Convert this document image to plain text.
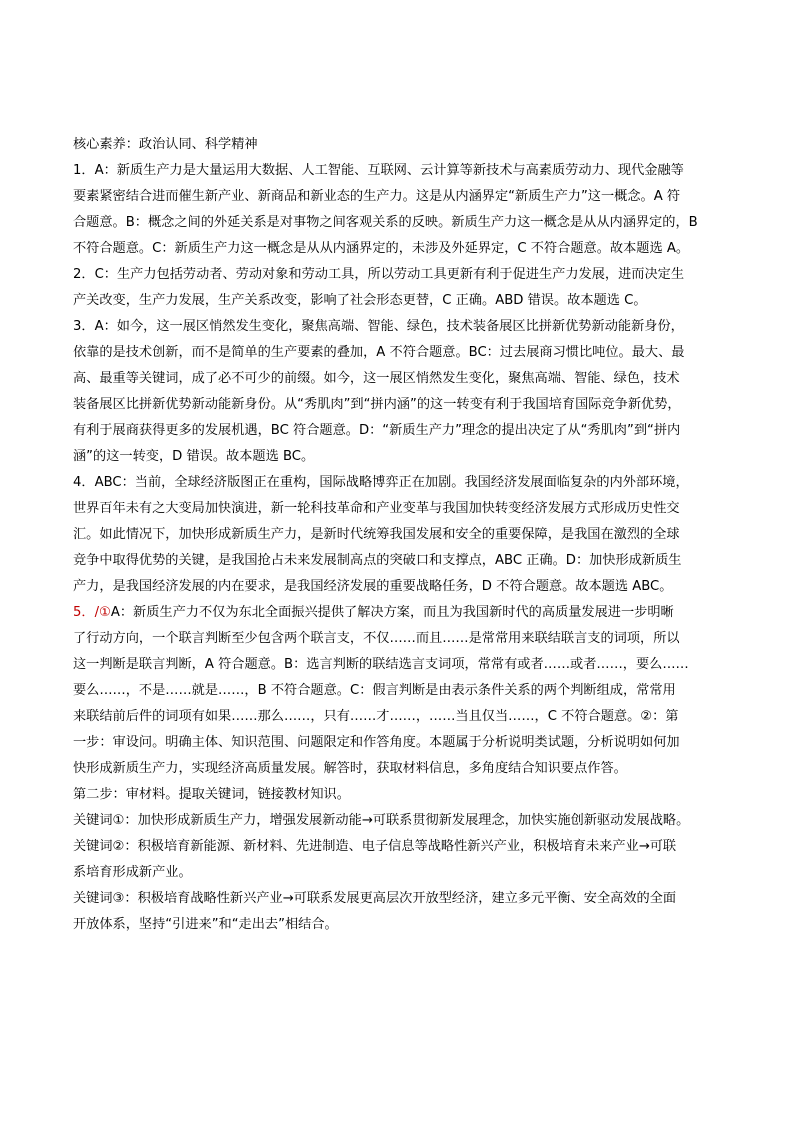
核心素养：政治认同、科学精神
1．A：新质生产力是大量运用大数据、人工智能、互联网、云计算等新技术与高素质劳动力、现代金融等
要素紧密结合进而催生新产业、新商品和新业态的生产力。这是从内涵界定“新质生产力”这一概念。A 符
合题意。B：概念之间的外延关系是对事物之间客观关系的反映。新质生产力这一概念是从从内涵界定的，B
不符合题意。C：新质生产力这一概念是从从内涵界定的，未涉及外延界定，C 不符合题意。故本题选 A。
2．C：生产力包括劳动者、劳动对象和劳动工具，所以劳动工具更新有利于促进生产力发展，进而决定生
产关改变，生产力发展，生产关系改变，影响了社会形态更替，C 正确。ABD 错误。故本题选 C。
3．A：如今，这一展区悄然发生变化，聚焦高端、智能、绿色，技术装备展区比拼新优势新动能新身份，
依靠的是技术创新，而不是简单的生产要素的叠加，A 不符合题意。BC：过去展商习惯比吨位。最大、最
高、最重等关键词，成了必不可少的前缀。如今，这一展区悄然发生变化，聚焦高端、智能、绿色，技术
装备展区比拼新优势新动能新身份。从“秀肌肉”到“拼内涵”的这一转变有利于我国培育国际竞争新优势，
有利于展商获得更多的发展机遇，BC 符合题意。D：“新质生产力”理念的提出决定了从“秀肌肉”到“拼内
涵”的这一转变，D 错误。故本题选 BC。
4．ABC：当前，全球经济版图正在重构，国际战略博弈正在加剧。我国经济发展面临复杂的内外部环境，
世界百年未有之大变局加快演进，新一轮科技革命和产业变革与我国加快转变经济发展方式形成历史性交
汇。如此情况下，加快形成新质生产力，是新时代统筹我国发展和安全的重要保障，是我国在激烈的全球
竞争中取得优势的关键，是我国抢占未来发展制高点的突破口和支撑点，ABC 正确。D：加快形成新质生
产力，是我国经济发展的内在要求，是我国经济发展的重要战略任务，D 不符合题意。故本题选 ABC。
5．/①A：新质生产力不仅为东北全面振兴提供了解决方案，而且为我国新时代的高质量发展进一步明晰
了行动方向，一个联言判断至少包含两个联言支，不仅……而且……是常常用来联结联言支的词项，所以
这一判断是联言判断，A 符合题意。B：选言判断的联结选言支词项，常常有或者……或者……，要么……
要么……，不是……就是……，B 不符合题意。C：假言判断是由表示条件关系的两个判断组成，常常用
来联结前后件的词项有如果……那么……，只有……才……，……当且仅当……，C 不符合题意。②：第
一步：审设问。明确主体、知识范围、问题限定和作答角度。本题属于分析说明类试题，分析说明如何加
快形成新质生产力，实现经济高质量发展。解答时，获取材料信息，多角度结合知识要点作答。
第二步：审材料。提取关键词，链接教材知识。
关键词①：加快形成新质生产力，增强发展新动能→可联系贯彻新发展理念，加快实施创新驱动发展战略。
关键词②：积极培育新能源、新材料、先进制造、电子信息等战略性新兴产业，积极培育未来产业→可联
系培育形成新产业。
关键词③：积极培育战略性新兴产业→可联系发展更高层次开放型经济，建立多元平衡、安全高效的全面
开放体系，坚持“引进来”和“走出去”相结合。
